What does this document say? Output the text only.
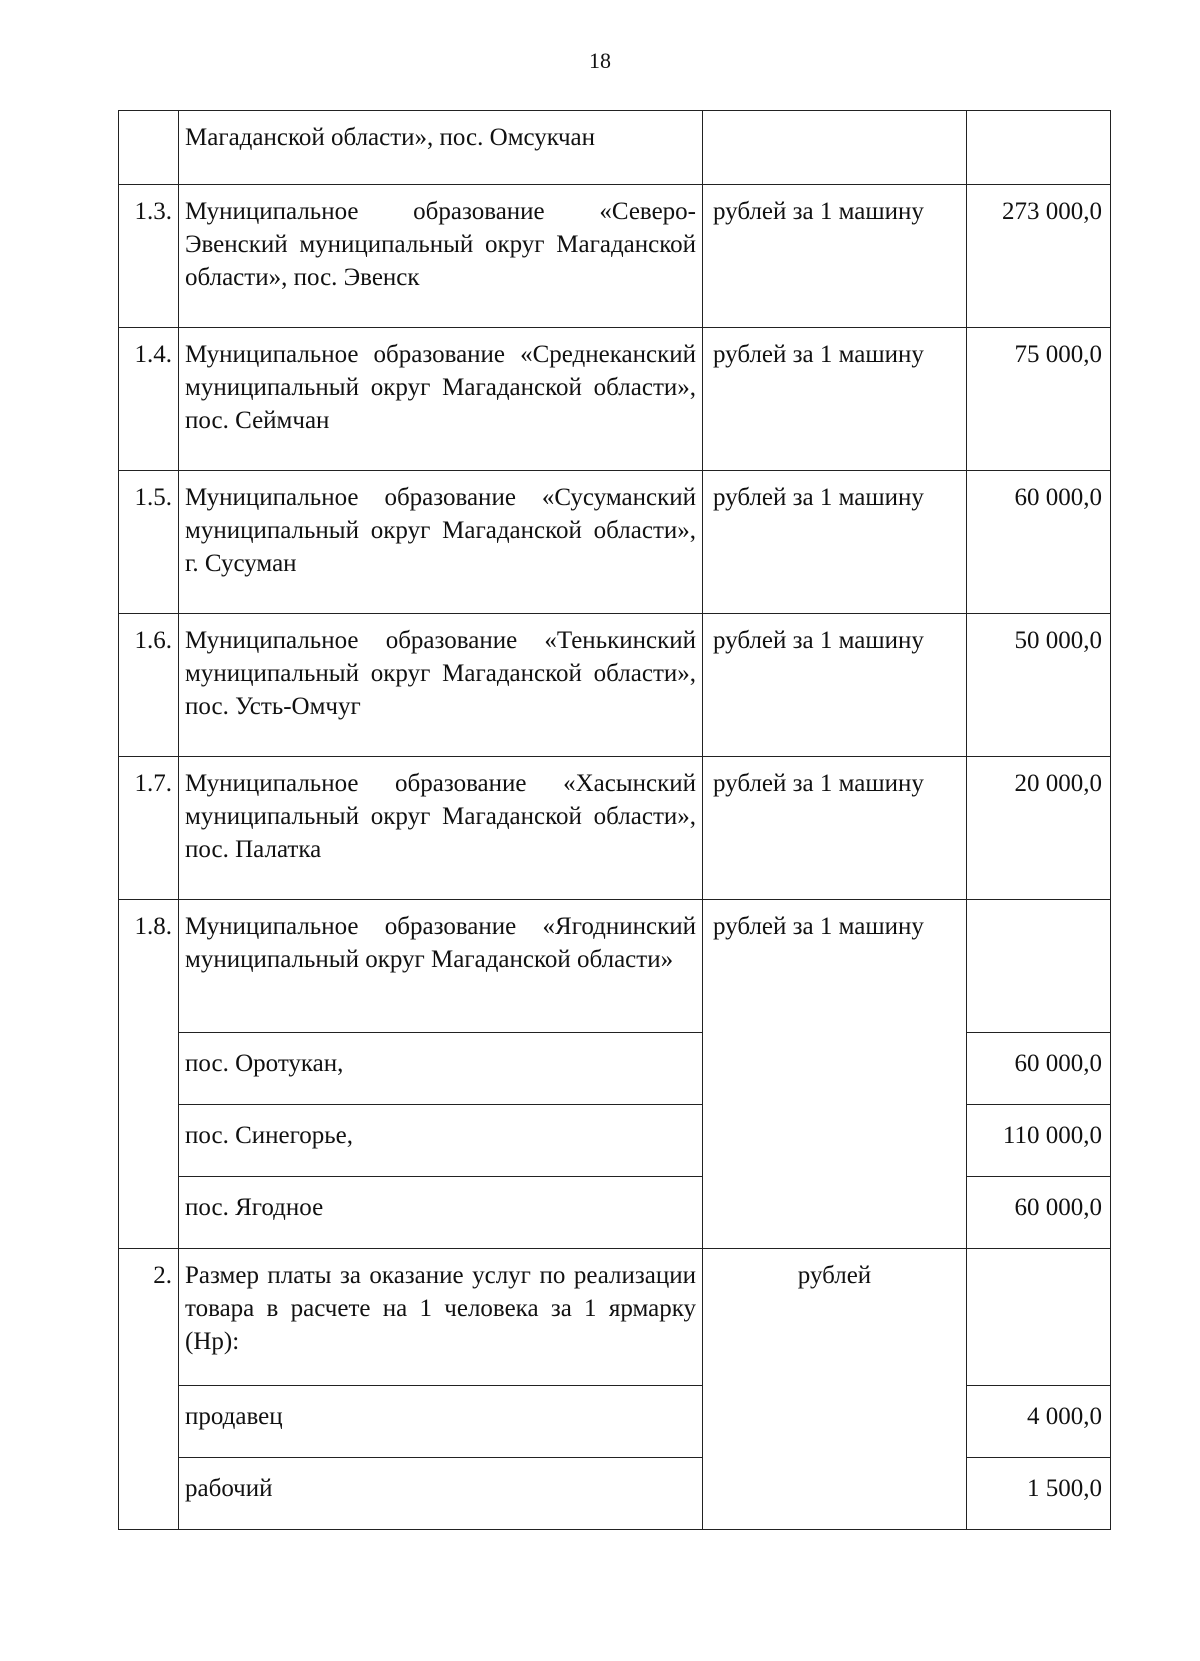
18
	Магаданской области», пос. Омсукчан		
1.3.	Муниципальное образование «Северо-Эвенский муниципальный округ Магаданской области», пос. Эвенск	рублей за 1 машину	273 000,0
1.4.	Муниципальное образование «Среднеканский муниципальный округ Магаданской области», пос. Сеймчан	рублей за 1 машину	75 000,0
1.5.	Муниципальное образование «Сусуманский муниципальный округ Магаданской области», г. Сусуман	рублей за 1 машину	60 000,0
1.6.	Муниципальное образование «Тенькинский муниципальный округ Магаданской области», пос. Усть-Омчуг	рублей за 1 машину	50 000,0
1.7.	Муниципальное образование «Хасынский муниципальный округ Магаданской области», пос. Палатка	рублей за 1 машину	20 000,0
1.8.	Муниципальное образование «Ягоднинский муниципальный округ Магаданской области»	рублей за 1 машину	
	пос. Оротукан,		60 000,0
	пос. Синегорье,		110 000,0
	пос. Ягодное		60 000,0
2.	Размер платы за оказание услуг по реализации товара в расчете на 1 человека за 1 ярмарку (Нр):	рублей	
	продавец		4 000,0
	рабочий		1 500,0
